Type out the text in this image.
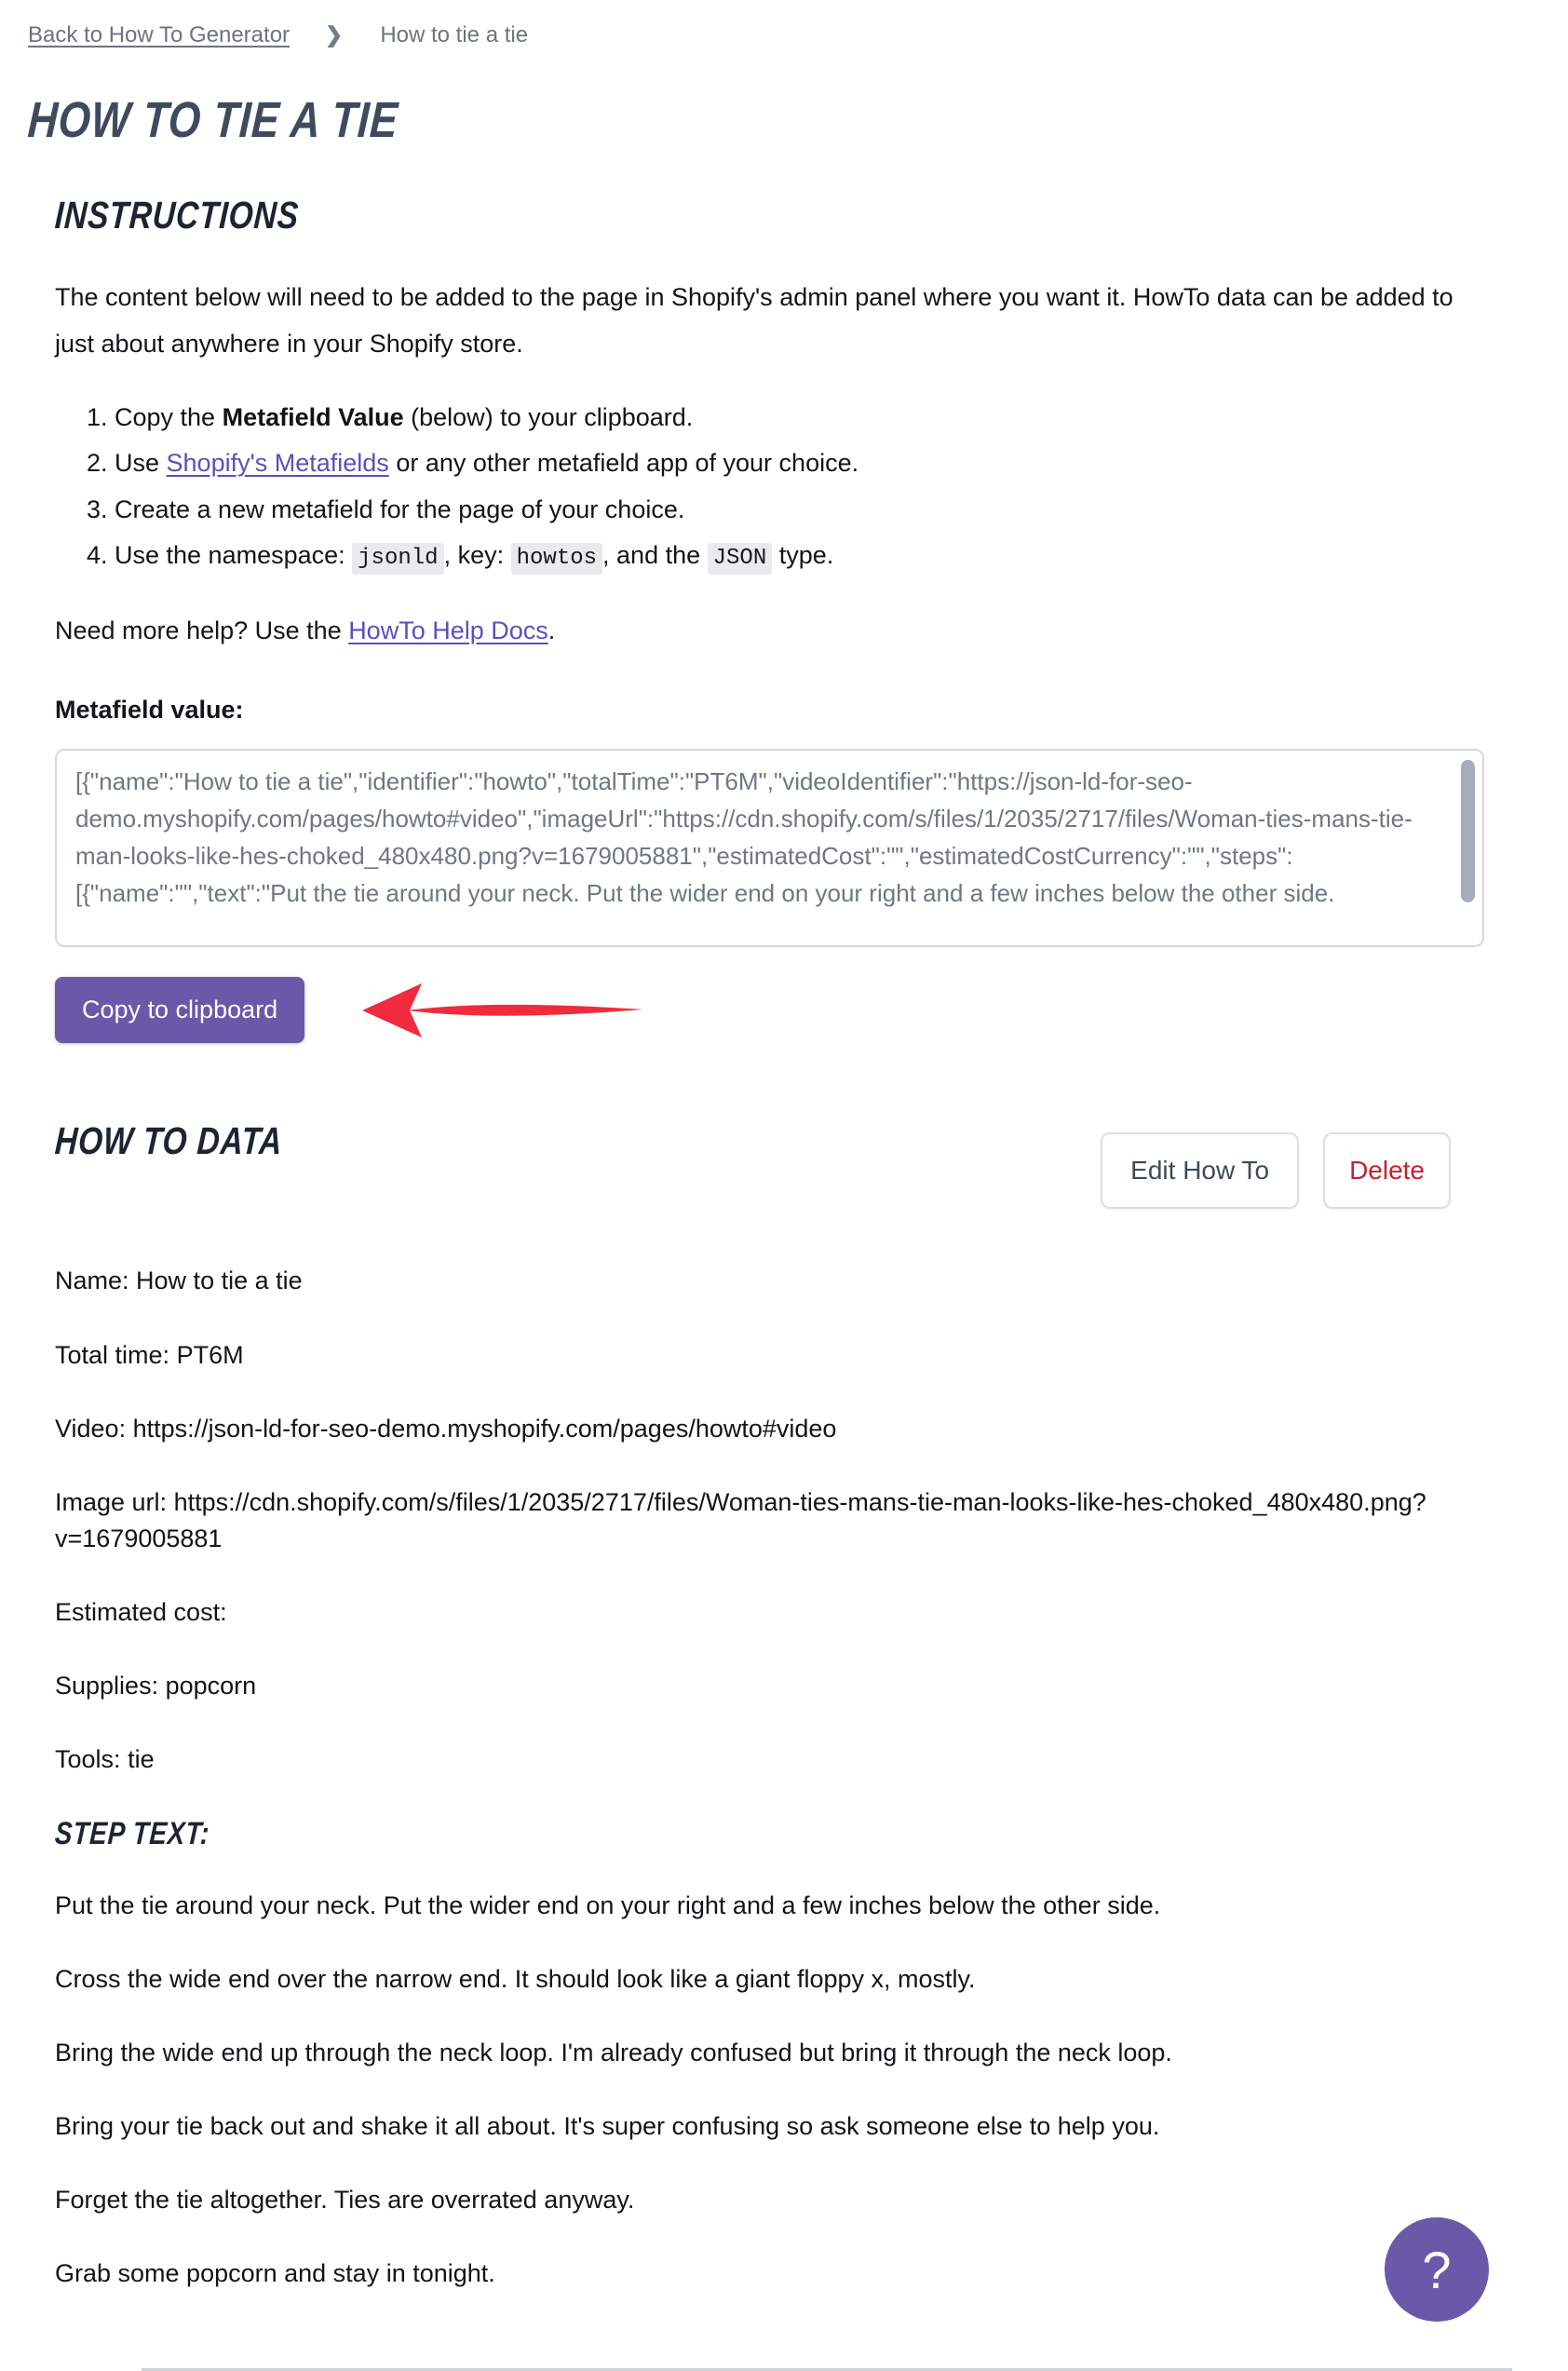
Back to How To Generator ❯ How to tie a tie
HOW TO TIE A TIE
INSTRUCTIONS

The content below will need to be added to the page in Shopify's admin panel where you want it. HowTo data can be added to just about anywhere in your Shopify store.

1. Copy the Metafield Value (below) to your clipboard.
2. Use Shopify's Metafields or any other metafield app of your choice.
3. Create a new metafield for the page of your choice.
4. Use the namespace: jsonld , key: howtos , and the JSON type.

Need more help? Use the HowTo Help Docs.

Metafield value:

[{"name":"How to tie a tie","identifier":"howto","totalTime":"PT6M","videoIdentifier":"https://json-ld-for-seo-demo.myshopify.com/pages/howto#video","imageUrl":"https://cdn.shopify.com/s/files/1/2035/2717/files/Woman-ties-mans-tie-man-looks-like-hes-choked_480x480.png?v=1679005881","estimatedCost":"","estimatedCostCurrency":"","steps":[{"name":"","text":"Put the tie around your neck. Put the wider end on your right and a few inches below the other side.
Copy to clipboard
HOW TO DATA
Edit How To	Delete

Name: How to tie a tie

Total time: PT6M

Video: https://json-ld-for-seo-demo.myshopify.com/pages/howto#video

Image url: https://cdn.shopify.com/s/files/1/2035/2717/files/Woman-ties-mans-tie-man-looks-like-hes-choked_480x480.png?v=1679005881

Estimated cost:

Supplies: popcorn

Tools: tie

STEP TEXT:

Put the tie around your neck. Put the wider end on your right and a few inches below the other side.

Cross the wide end over the narrow end. It should look like a giant floppy x, mostly.

Bring the wide end up through the neck loop. I'm already confused but bring it through the neck loop.

Bring your tie back out and shake it all about. It's super confusing so ask someone else to help you.

Forget the tie altogether. Ties are overrated anyway.

Grab some popcorn and stay in tonight.	?
